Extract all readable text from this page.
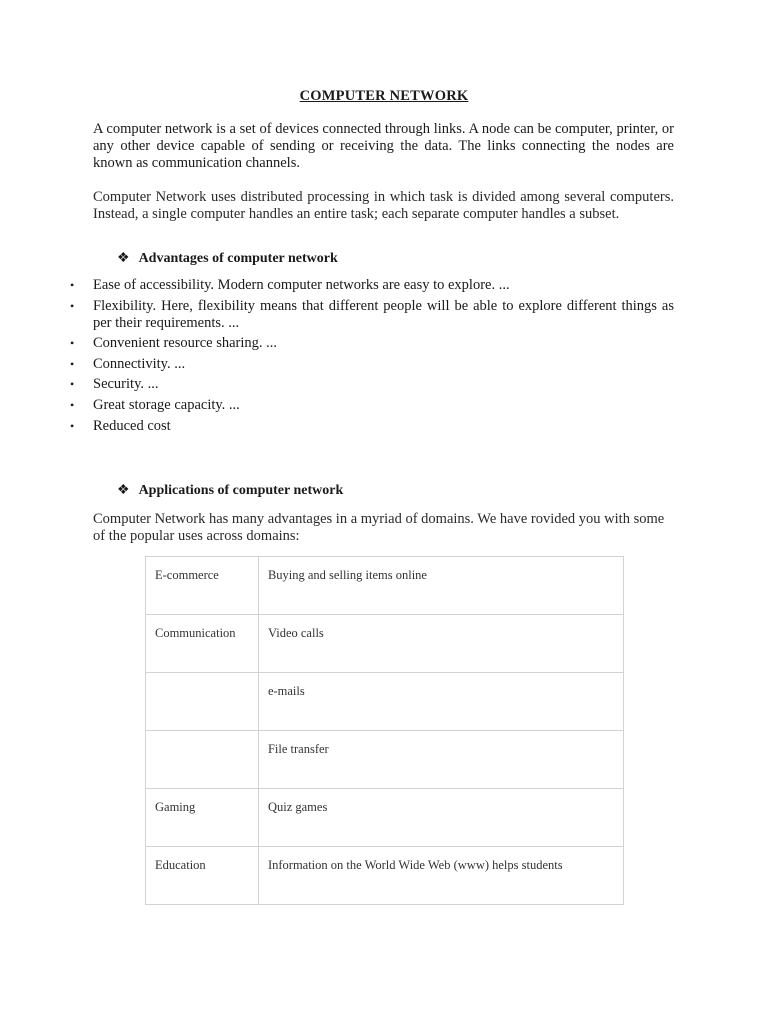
COMPUTER NETWORK

A computer network is a set of devices connected through links. A node can be computer, printer, or any other device capable of sending or receiving the data. The links connecting the nodes are known as communication channels.

Computer Network uses distributed processing in which task is divided among several computers. Instead, a single computer handles an entire task; each separate computer handles a subset.

❖ Advantages of computer network
• Ease of accessibility. Modern computer networks are easy to explore. ...
• Flexibility. Here, flexibility means that different people will be able to explore different things as per their requirements. ...
• Convenient resource sharing. ...
• Connectivity. ...
• Security. ...
• Great storage capacity. ...
• Reduced cost
❖ Applications of computer network

Computer Network has many advantages in a myriad of domains. We have rovided you with some of the popular uses across domains:

E-commerce	Buying and selling items online
Communication	Video calls
	e-mails
	File transfer
Gaming	Quiz games
Education	Information on the World Wide Web (www) helps students
